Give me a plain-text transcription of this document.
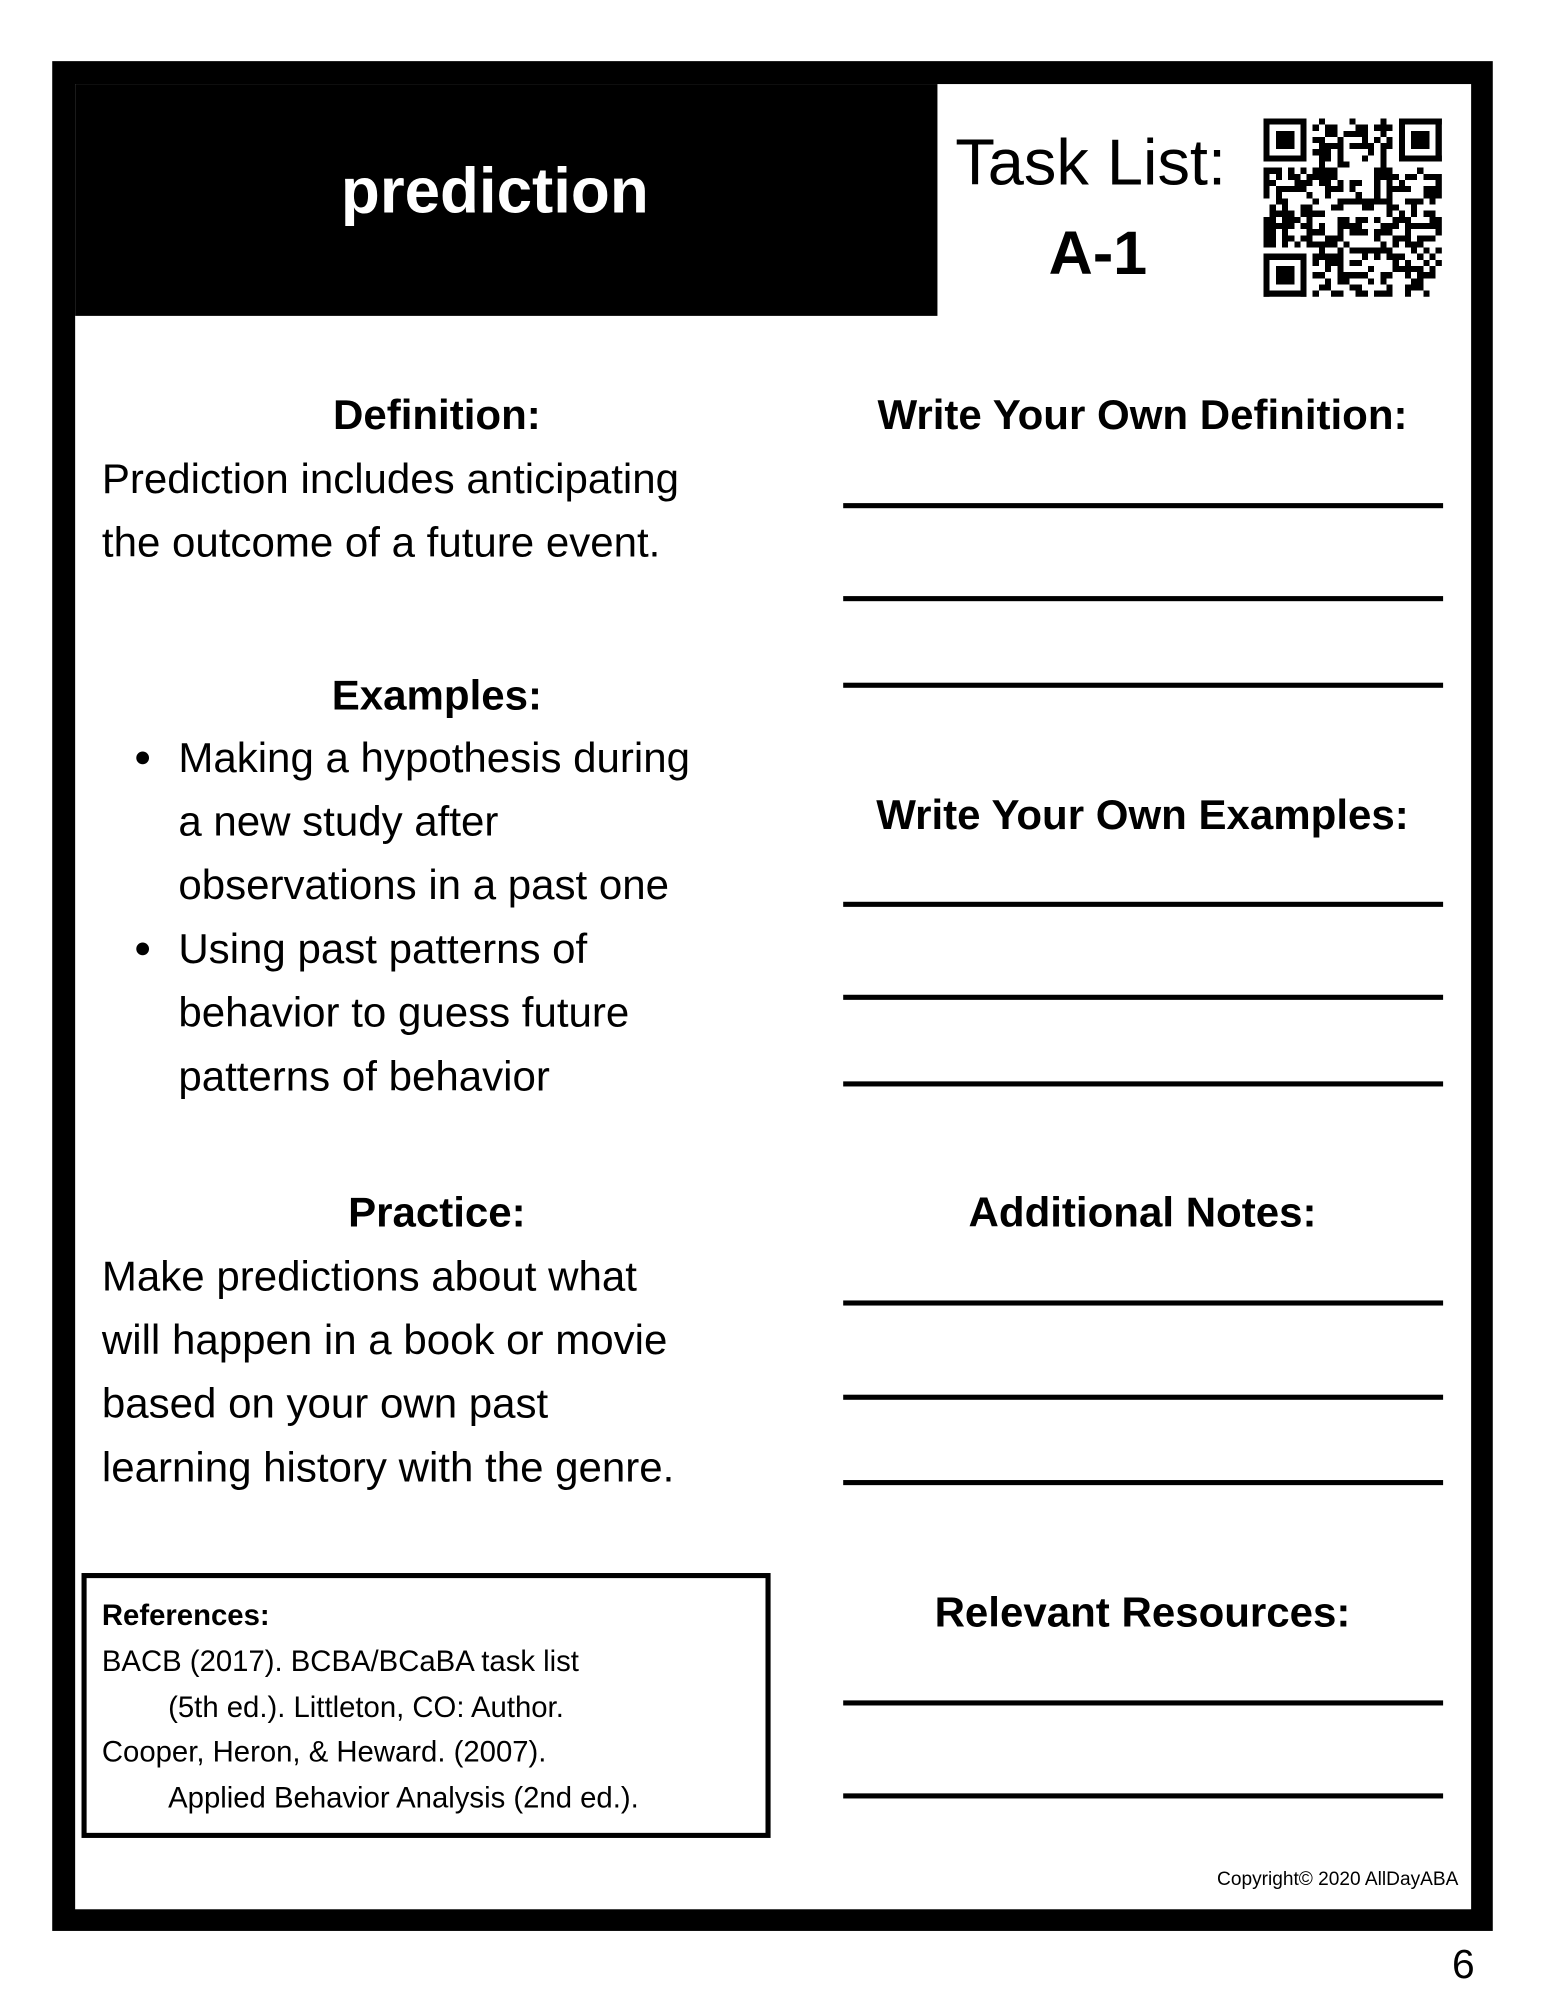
prediction	Task List:
A-1
Definition:
Prediction includes anticipating
the outcome of a future event.
Examples:
Making a hypothesis during
a new study after
observations in a past one
Using past patterns of
behavior to guess future
patterns of behavior
Practice:
Make predictions about what
will happen in a book or movie
based on your own past
learning history with the genre.
References:
BACB (2017). BCBA/BCaBA task list
(5th ed.). Littleton, CO: Author.
Cooper, Heron, & Heward. (2007).
Applied Behavior Analysis (2nd ed.).
Write Your Own Definition:
Write Your Own Examples:
Additional Notes:
Relevant Resources:
Copyright© 2020 AllDayABA
6
